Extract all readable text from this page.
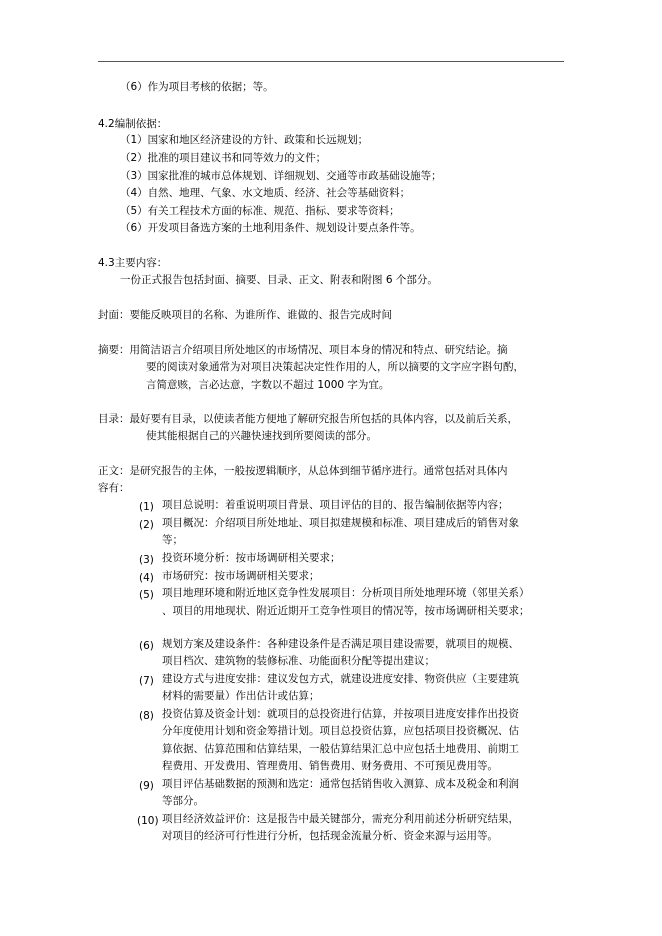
（6）作为项目考核的依据；等。
4.2编制依据：
（1）国家和地区经济建设的方针、政策和长远规划；
（2）批准的项目建议书和同等效力的文件；
（3）国家批准的城市总体规划、详细规划、交通等市政基础设施等；
（4）自然、地理、气象、水文地质、经济、社会等基础资料；
（5）有关工程技术方面的标准、规范、指标、要求等资料；
（6）开发项目备选方案的土地利用条件、规划设计要点条件等。
4.3主要内容：
一份正式报告包括封面、摘要、目录、正文、附表和附图 6 个部分。
封面：要能反映项目的名称、为谁所作、谁做的、报告完成时间
摘要：用简洁语言介绍项目所处地区的市场情况、项目本身的情况和特点、研究结论。摘
要的阅读对象通常为对项目决策起决定性作用的人，所以摘要的文字应字斟句酌，
言简意赅，言必达意，字数以不超过 1000 字为宜。
目录：最好要有目录，以使读者能方便地了解研究报告所包括的具体内容，以及前后关系，
使其能根据自己的兴趣快速找到所要阅读的部分。
正文：是研究报告的主体，一般按逻辑顺序，从总体到细节循序进行。通常包括对具体内
容有：
(1) 项目总说明：着重说明项目背景、项目评估的目的、报告编制依据等内容；
(2) 项目概况：介绍项目所处地址、项目拟建规模和标准、项目建成后的销售对象
等；
(3) 投资环境分析：按市场调研相关要求；
(4) 市场研究：按市场调研相关要求；
(5) 项目地理环境和附近地区竞争性发展项目：分析项目所处地理环境（邻里关系）
、项目的用地现状、附近近期开工竞争性项目的情况等，按市场调研相关要求；
(6) 规划方案及建设条件：各种建设条件是否满足项目建设需要，就项目的规模、
项目档次、建筑物的装修标准、功能面积分配等提出建议；
(7) 建设方式与进度安排：建议发包方式，就建设进度安排、物资供应（主要建筑
材料的需要量）作出估计或估算；
(8) 投资估算及资金计划：就项目的总投资进行估算，并按项目进度安排作出投资
分年度使用计划和资金筹措计划。项目总投资估算，应包括项目投资概况、估
算依据、估算范围和估算结果，一般估算结果汇总中应包括土地费用、前期工
程费用、开发费用、管理费用、销售费用、财务费用、不可预见费用等。
(9) 项目评估基础数据的预测和选定：通常包括销售收入测算、成本及税金和利润
等部分。
(10) 项目经济效益评价：这是报告中最关键部分，需充分利用前述分析研究结果，
对项目的经济可行性进行分析，包括现金流量分析、资金来源与运用等。
